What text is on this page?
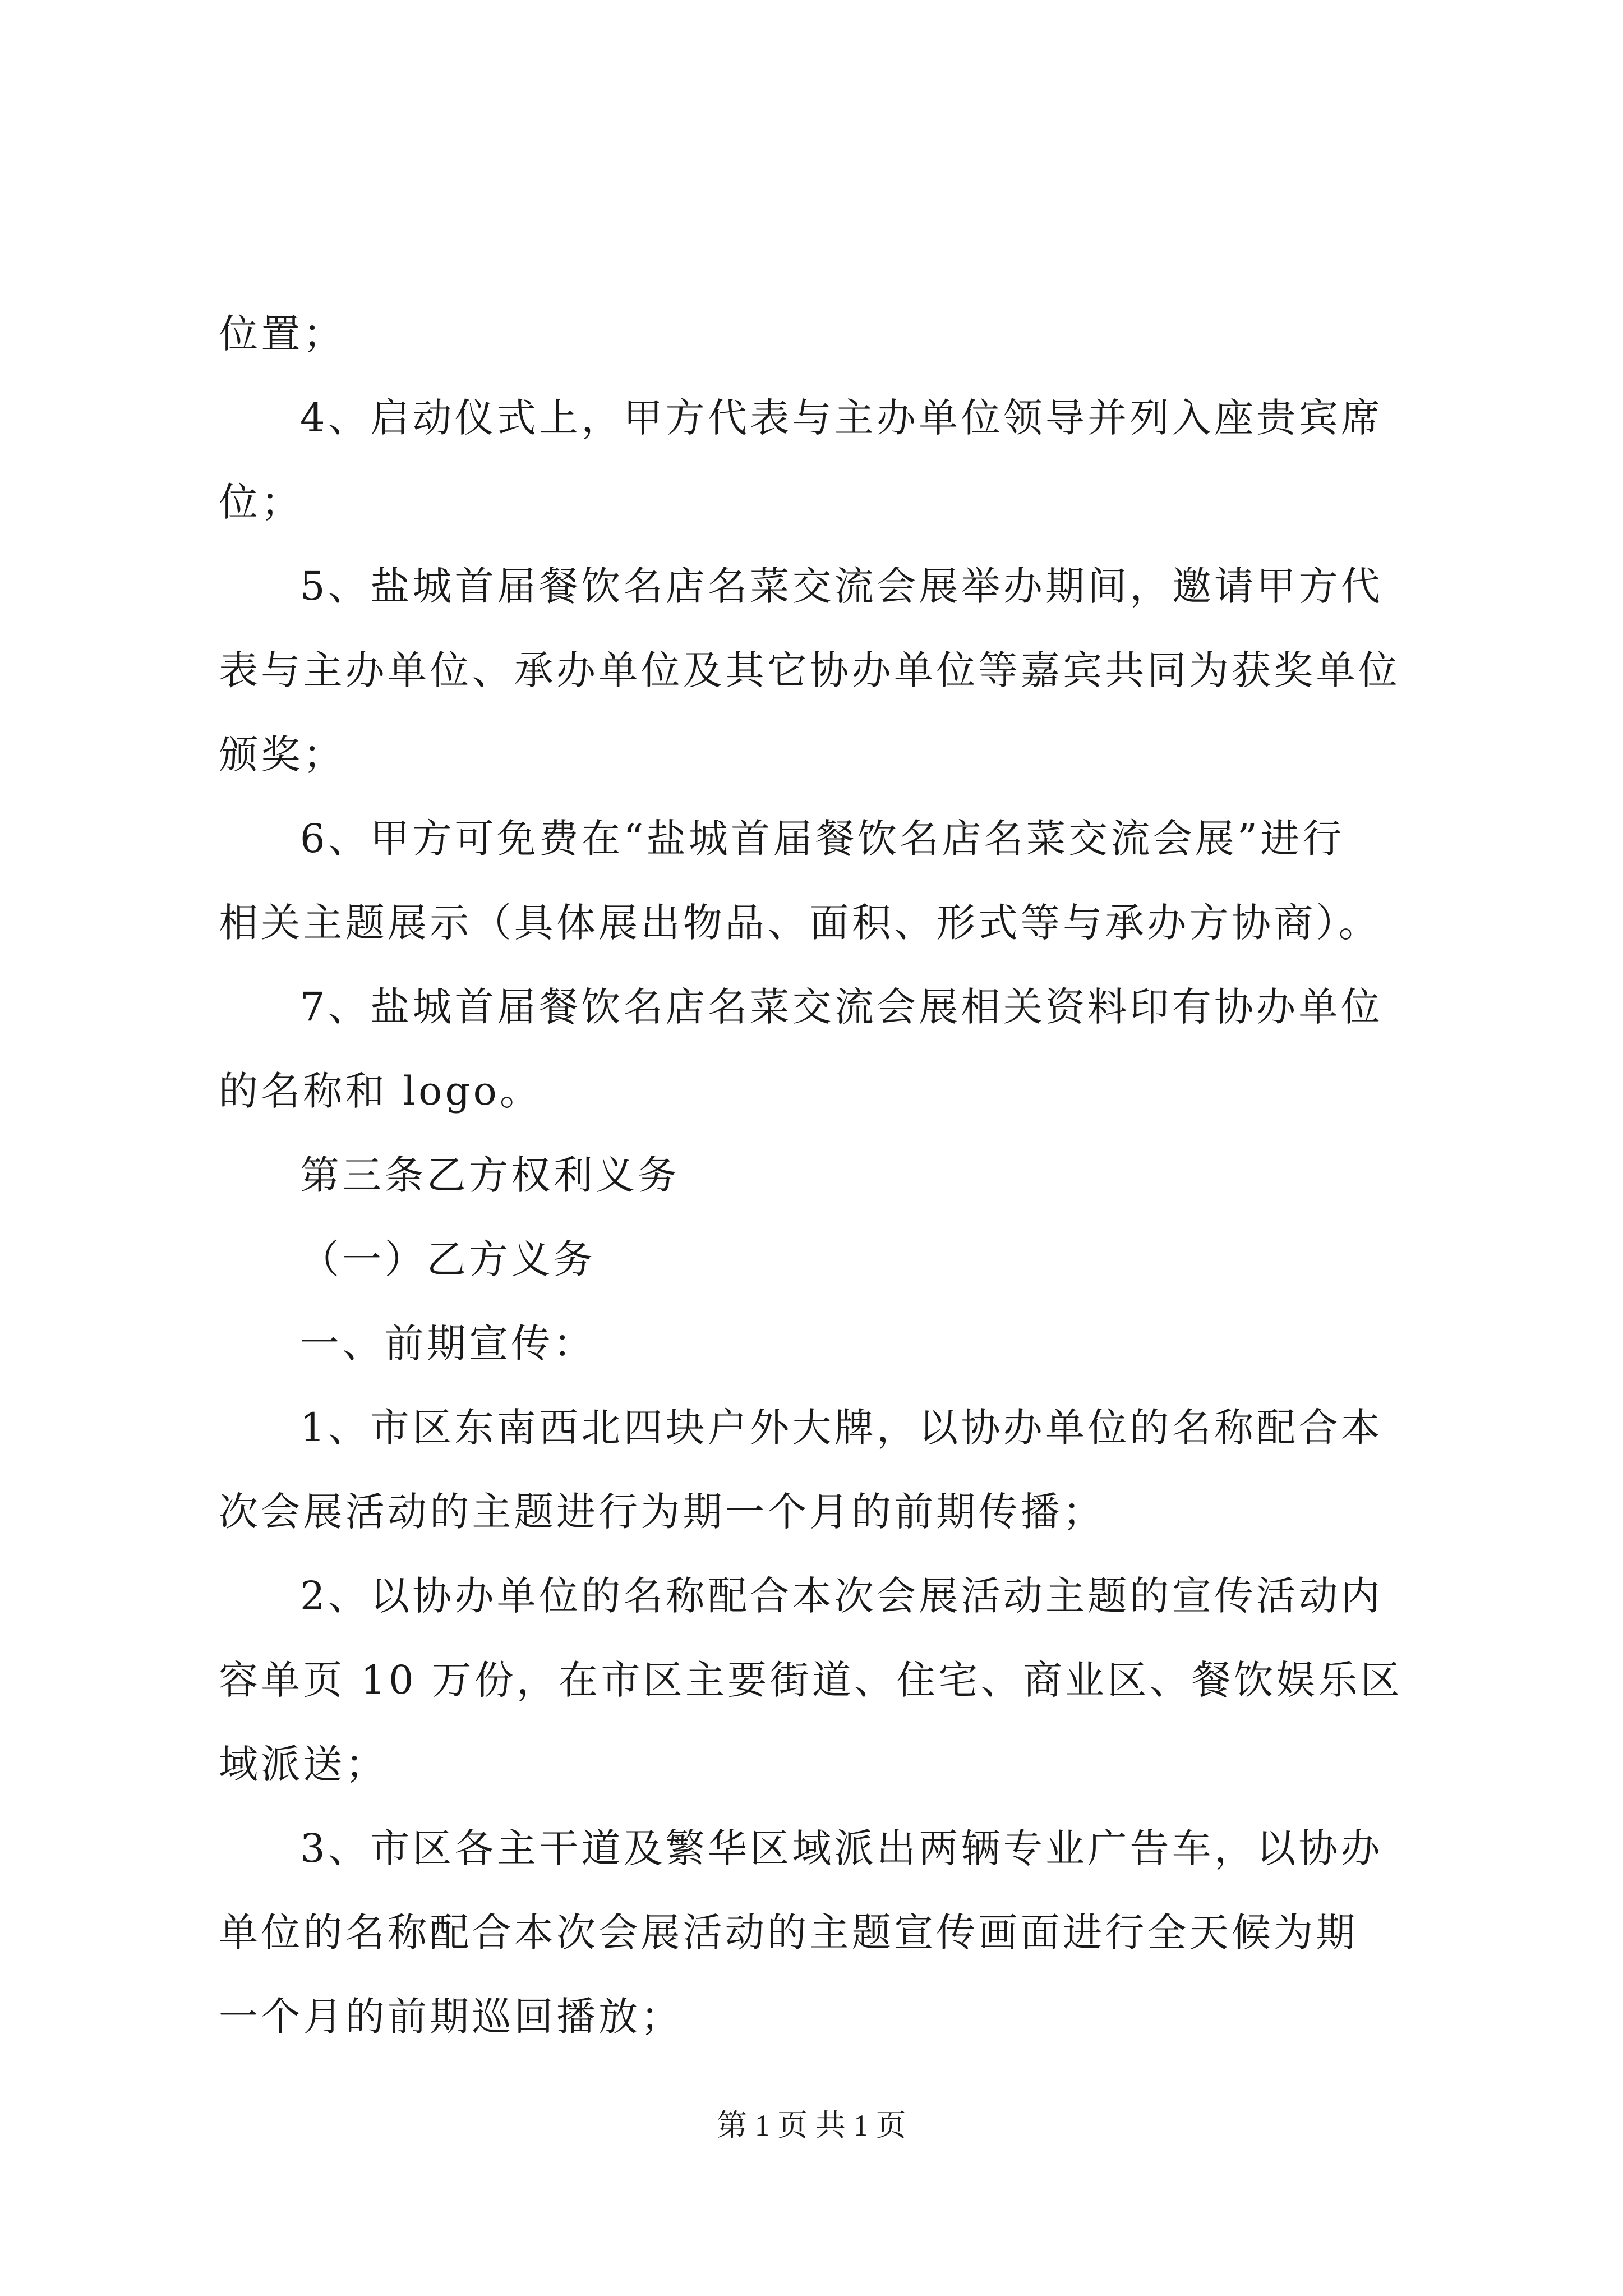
位置；
4、启动仪式上，甲方代表与主办单位领导并列入座贵宾席
位；
5、盐城首届餐饮名店名菜交流会展举办期间，邀请甲方代
表与主办单位、承办单位及其它协办单位等嘉宾共同为获奖单位
颁奖；
6、甲方可免费在“盐城首届餐饮名店名菜交流会展”进行
相关主题展示（具体展出物品、面积、形式等与承办方协商）。
7、盐城首届餐饮名店名菜交流会展相关资料印有协办单位
的名称和 logo。
第三条乙方权利义务
（一）乙方义务
一、前期宣传：
1、市区东南西北四块户外大牌，以协办单位的名称配合本
次会展活动的主题进行为期一个月的前期传播；
2、以协办单位的名称配合本次会展活动主题的宣传活动内
容单页 10 万份，在市区主要街道、住宅、商业区、餐饮娱乐区
域派送；
3、市区各主干道及繁华区域派出两辆专业广告车，以协办
单位的名称配合本次会展活动的主题宣传画面进行全天候为期
一个月的前期巡回播放；
第 1 页 共 1 页
